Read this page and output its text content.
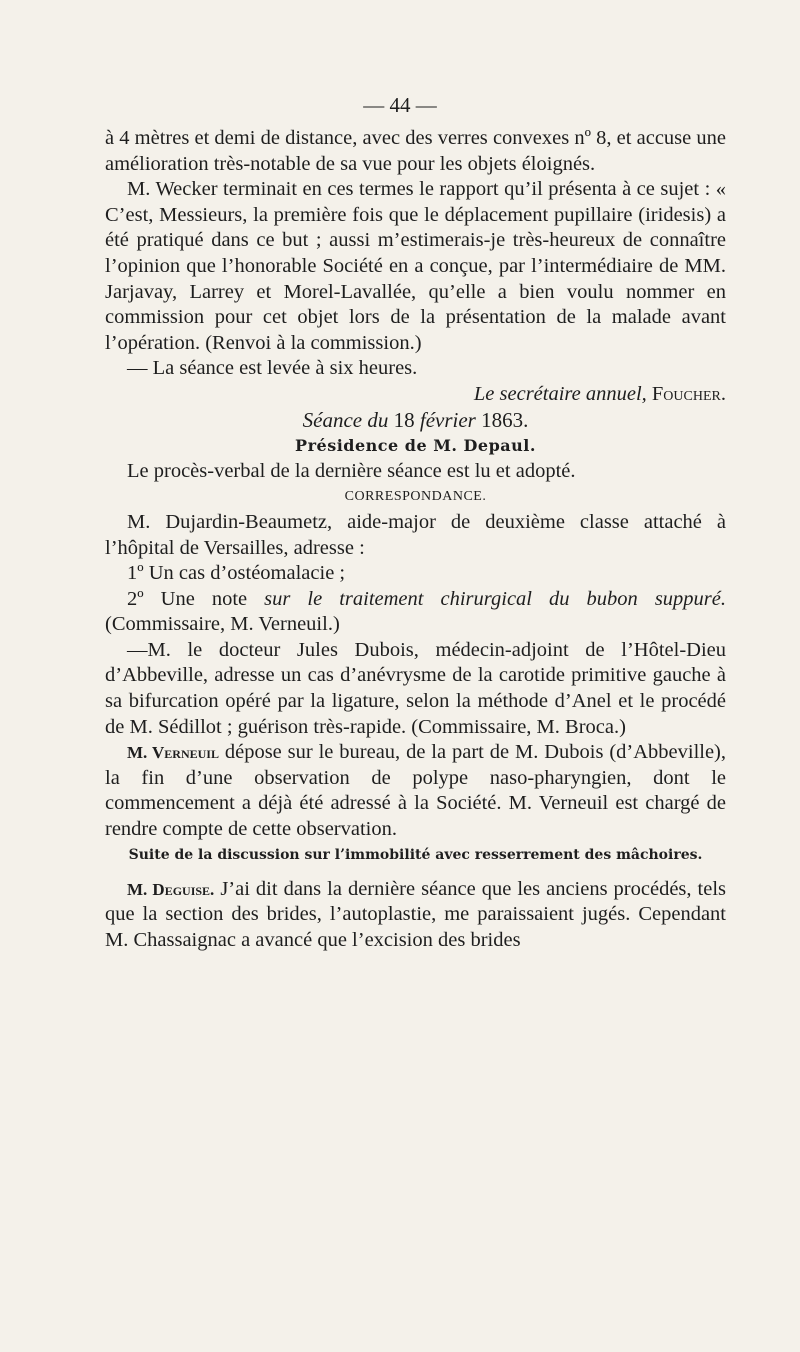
— 44 —

à 4 mètres et demi de distance, avec des verres convexes nº 8, et accuse une amélioration très-notable de sa vue pour les objets éloignés.

M. Wecker terminait en ces termes le rapport qu’il présenta à ce sujet : « C’est, Messieurs, la première fois que le déplacement pupillaire (iridesis) a été pratiqué dans ce but ; aussi m’estimerais-je très-heureux de connaître l’opinion que l’honorable Société en a conçue, par l’intermédiaire de MM. Jarjavay, Larrey et Morel-Lavallée, qu’elle a bien voulu nommer en commission pour cet objet lors de la présentation de la malade avant l’opération. (Renvoi à la commission.)

— La séance est levée à six heures.

Le secrétaire annuel, Foucher.

Séance du 18 février 1863.

Présidence de M. Depaul.

Le procès-verbal de la dernière séance est lu et adopté.

CORRESPONDANCE.

M. Dujardin-Beaumetz, aide-major de deuxième classe attaché à l’hôpital de Versailles, adresse :

1º Un cas d’ostéomalacie ;

2º Une note sur le traitement chirurgical du bubon suppuré. (Commissaire, M. Verneuil.)

—M. le docteur Jules Dubois, médecin-adjoint de l’Hôtel-Dieu d’Abbeville, adresse un cas d’anévrysme de la carotide primitive gauche à sa bifurcation opéré par la ligature, selon la méthode d’Anel et le procédé de M. Sédillot ; guérison très-rapide. (Commissaire, M. Broca.)

M. Verneuil dépose sur le bureau, de la part de M. Dubois (d’Abbeville), la fin d’une observation de polype naso-pharyngien, dont le commencement a déjà été adressé à la Société. M. Verneuil est chargé de rendre compte de cette observation.

Suite de la discussion sur l’immobilité avec resserrement des mâchoires.

M. Deguise. J’ai dit dans la dernière séance que les anciens procédés, tels que la section des brides, l’autoplastie, me paraissaient jugés. Cependant M. Chassaignac a avancé que l’excision des brides
